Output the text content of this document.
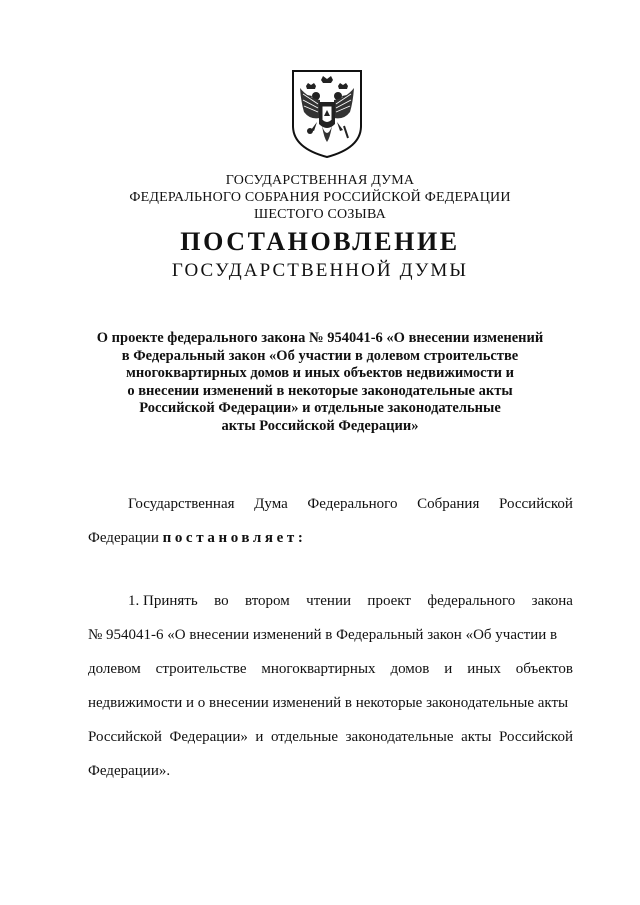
ГОСУДАРСТВЕННАЯ ДУМА
ФЕДЕРАЛЬНОГО СОБРАНИЯ РОССИЙСКОЙ ФЕДЕРАЦИИ
ШЕСТОГО СОЗЫВА
ПОСТАНОВЛЕНИЕ
ГОСУДАРСТВЕННОЙ ДУМЫ
О проекте федерального закона № 954041-6 «О внесении изменений
в Федеральный закон «Об участии в долевом строительстве
многоквартирных домов и иных объектов недвижимости и
о внесении изменений в некоторые законодательные акты
Российской Федерации» и отдельные законодательные
акты Российской Федерации»
Государственная Дума Федерального Собрания Российской
Федерации
постановляет:
1. Принять во втором чтении проект федерального закона
№ 954041-6 «О внесении изменений в Федеральный закон «Об участии в
долевом строительстве многоквартирных домов и иных объектов
недвижимости и о внесении изменений в некоторые законодательные акты
Российской Федерации» и отдельные законодательные акты Российской
Федерации».
